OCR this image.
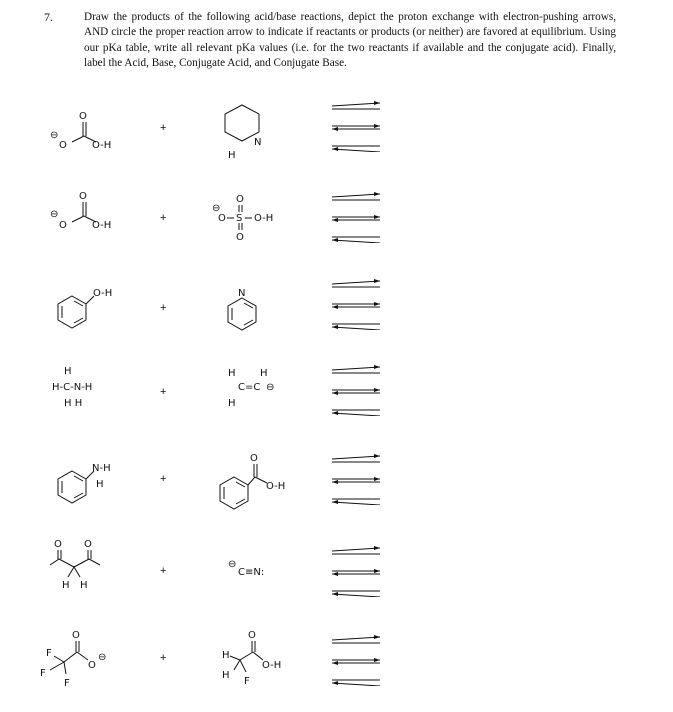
7.	Draw the products of the following acid/base reactions, depict the proton exchange with electron-pushing arrows, AND circle the proper reaction arrow to indicate if reactants or products (or neither) are favored at equilibrium. Using our pKa table, write all relevant pKa values (i.e. for the two reactants if available and the conjugate acid). Finally, label the Acid, Base, Conjugate Acid, and Conjugate Base.
O
⊖
O	O-H
+
N
H
O
⊖
O	O-H
+
O
⊖
O S O-H
O
O-H
+
N
H
H-C-N-H
H H
+
H H
C=C ⊖
H
N-H
H	+
O
O-H
O O
H H
+
⊖
C≡N:
O
O
⊖
F
F
F
+
O
O-H
H
H
F
